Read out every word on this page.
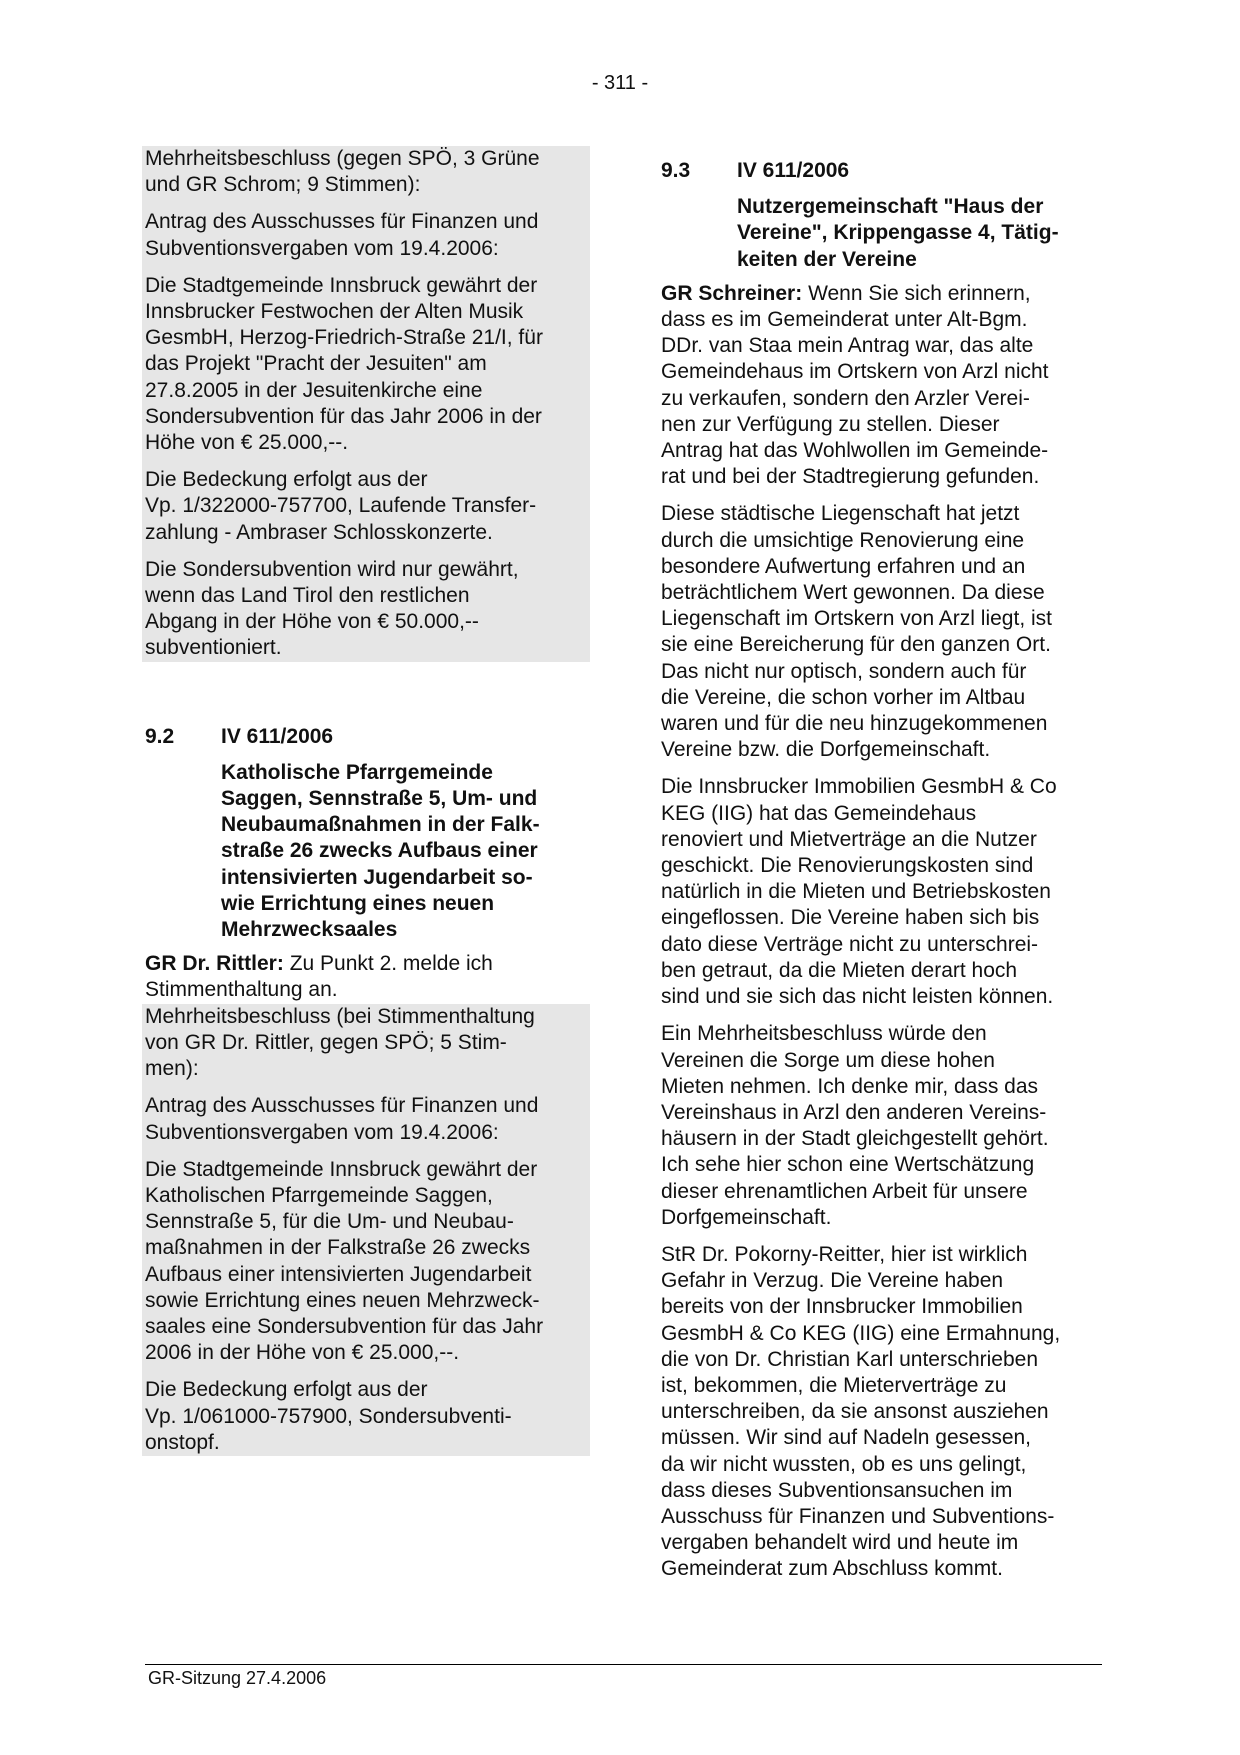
- 311 -

Mehrheitsbeschluss (gegen SPÖ, 3 Grüne
und GR Schrom; 9 Stimmen):

Antrag des Ausschusses für Finanzen und
Subventionsvergaben vom 19.4.2006:

Die Stadtgemeinde Innsbruck gewährt der
Innsbrucker Festwochen der Alten Musik
GesmbH, Herzog-Friedrich-Straße 21/I, für
das Projekt "Pracht der Jesuiten" am
27.8.2005 in der Jesuitenkirche eine
Sondersubvention für das Jahr 2006 in der
Höhe von € 25.000,--.

Die Bedeckung erfolgt aus der
Vp. 1/322000-757700, Laufende Transfer-
zahlung - Ambraser Schlosskonzerte.

Die Sondersubvention wird nur gewährt,
wenn das Land Tirol den restlichen
Abgang in der Höhe von € 50.000,--
subventioniert.

9.2 IV 611/2006

Katholische Pfarrgemeinde
Saggen, Sennstraße 5, Um- und
Neubaumaßnahmen in der Falk-
straße 26 zwecks Aufbaus einer
intensivierten Jugendarbeit so-
wie Errichtung eines neuen
Mehrzwecksaales

GR Dr. Rittler: Zu Punkt 2. melde ich
Stimmenthaltung an.

Mehrheitsbeschluss (bei Stimmenthaltung
von GR Dr. Rittler, gegen SPÖ; 5 Stim-
men):

Antrag des Ausschusses für Finanzen und
Subventionsvergaben vom 19.4.2006:

Die Stadtgemeinde Innsbruck gewährt der
Katholischen Pfarrgemeinde Saggen,
Sennstraße 5, für die Um- und Neubau-
maßnahmen in der Falkstraße 26 zwecks
Aufbaus einer intensivierten Jugendarbeit
sowie Errichtung eines neuen Mehrzweck-
saales eine Sondersubvention für das Jahr
2006 in der Höhe von € 25.000,--.

Die Bedeckung erfolgt aus der
Vp. 1/061000-757900, Sondersubventi-
onstopf.

9.3 IV 611/2006

Nutzergemeinschaft "Haus der
Vereine", Krippengasse 4, Tätig-
keiten der Vereine

GR Schreiner: Wenn Sie sich erinnern,
dass es im Gemeinderat unter Alt-Bgm.
DDr. van Staa mein Antrag war, das alte
Gemeindehaus im Ortskern von Arzl nicht
zu verkaufen, sondern den Arzler Verei-
nen zur Verfügung zu stellen. Dieser
Antrag hat das Wohlwollen im Gemeinde-
rat und bei der Stadtregierung gefunden.

Diese städtische Liegenschaft hat jetzt
durch die umsichtige Renovierung eine
besondere Aufwertung erfahren und an
beträchtlichem Wert gewonnen. Da diese
Liegenschaft im Ortskern von Arzl liegt, ist
sie eine Bereicherung für den ganzen Ort.
Das nicht nur optisch, sondern auch für
die Vereine, die schon vorher im Altbau
waren und für die neu hinzugekommenen
Vereine bzw. die Dorfgemeinschaft.

Die Innsbrucker Immobilien GesmbH & Co
KEG (IIG) hat das Gemeindehaus
renoviert und Mietverträge an die Nutzer
geschickt. Die Renovierungskosten sind
natürlich in die Mieten und Betriebskosten
eingeflossen. Die Vereine haben sich bis
dato diese Verträge nicht zu unterschrei-
ben getraut, da die Mieten derart hoch
sind und sie sich das nicht leisten können.

Ein Mehrheitsbeschluss würde den
Vereinen die Sorge um diese hohen
Mieten nehmen. Ich denke mir, dass das
Vereinshaus in Arzl den anderen Vereins-
häusern in der Stadt gleichgestellt gehört.
Ich sehe hier schon eine Wertschätzung
dieser ehrenamtlichen Arbeit für unsere
Dorfgemeinschaft.

StR Dr. Pokorny-Reitter, hier ist wirklich
Gefahr in Verzug. Die Vereine haben
bereits von der Innsbrucker Immobilien
GesmbH & Co KEG (IIG) eine Ermahnung,
die von Dr. Christian Karl unterschrieben
ist, bekommen, die Mieterverträge zu
unterschreiben, da sie ansonst ausziehen
müssen. Wir sind auf Nadeln gesessen,
da wir nicht wussten, ob es uns gelingt,
dass dieses Subventionsansuchen im
Ausschuss für Finanzen und Subventions-
vergaben behandelt wird und heute im
Gemeinderat zum Abschluss kommt.

GR-Sitzung 27.4.2006
